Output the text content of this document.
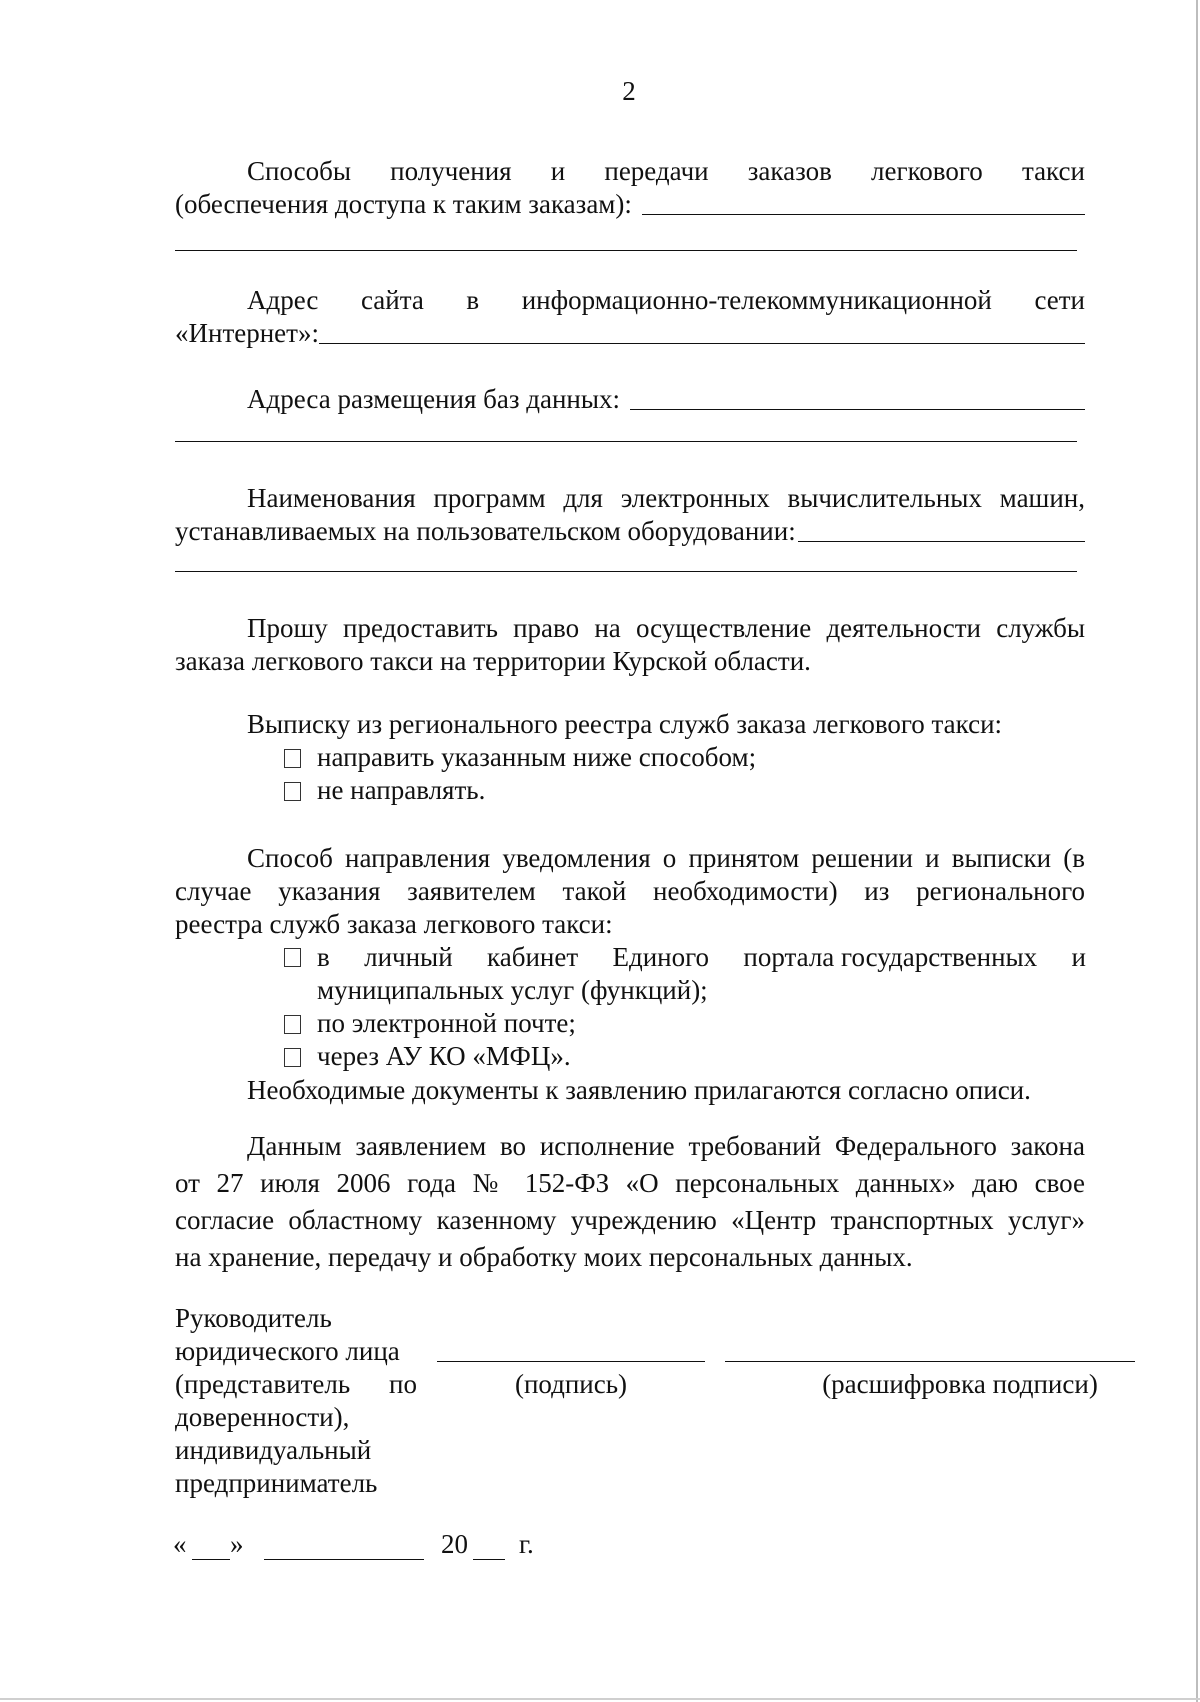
2
Способы получения и передачи заказов легкового такси
(обеспечения доступа к таким заказам):
Адрес сайта в информационно-телекоммуникационной сети
«Интернет»:
Адреса размещения баз данных:
Наименования программ для электронных вычислительных машин,
устанавливаемых на пользовательском оборудовании:
Прошу предоставить право на осуществление деятельности службы
заказа легкового такси на территории Курской области.
Выписку из регионального реестра служб заказа легкового такси:
направить указанным ниже способом;
не направлять.
Способ направления уведомления о принятом решении и выписки (в
случае указания заявителем такой необходимости) из регионального
реестра служб заказа легкового такси:
в личный кабинет Единого портала государственных и
муниципальных услуг (функций);
по электронной почте;
через АУ КО «МФЦ».
Необходимые документы к заявлению прилагаются согласно описи.
Данным заявлением во исполнение требований Федерального закона
от 27 июля 2006 года № 152-ФЗ «О персональных данных» даю свое
согласие областному казенному учреждению «Центр транспортных услуг»
на хранение, передачу и обработку моих персональных данных.
Руководитель
юридического лица
(представитель по
доверенности),
индивидуальный
предприниматель
(подпись)	(расшифровка подписи)
« »	20 г.
